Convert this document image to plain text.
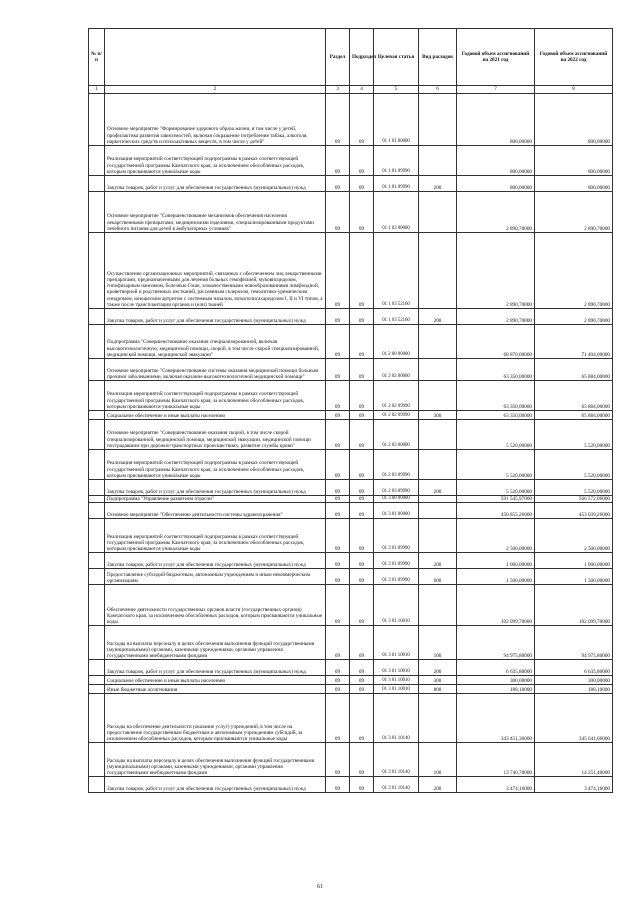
№ п/п		Раздел	Подраздел	Целевая статья	Вид расходов	Годовой объем ассигнований на 2021 год	Годовой объем ассигнований на 2022 год
1	2	3	4	5	6	7	8
	Основное мероприятие "Формирование здорового образа жизни, в том числе у детей, профилактика развития зависимостей, включая сокращение потребления табака, алкоголя, наркотических средств и психоактивных веществ, в том числе у детей"	09	09	01 1 01 00000		800,00000	800,00000
	Реализация мероприятий соответствующей подпрограммы в рамках соответствующей государственной программы Камчатского края, за исключением обособленных расходов, которым присваиваются уникальные коды	09	09	01 1 01 09990		800,00000	800,00000
	Закупка товаров, работ и услуг для обеспечения государственных (муниципальных) нужд	09	09	01 1 01 09990	200	800,00000	800,00000
	Основное мероприятие "Совершенствование механизмов обеспечения населения лекарственными препаратами, медицинскими изделиями, специализированными продуктами лечебного питания для детей в амбулаторных условиях"	09	09	01 1 03 00000		2 890,70000	2 890,70000
	Осуществление организационных мероприятий, связанных с обеспечением лиц лекарственными препаратами, предназначенными для лечения больных гемофилией, муковисцидозом, гипофизарным нанизмом, болезнью Гоше, злокачественными новообразованиями лимфоидной, кроветворной и родственных им тканей, рассеянным склерозом, гемолитико-уремическим синдромом, юношеским артритом с системным началом, мукополисахаридозом I, II и VI типов, а также после трансплантации органов и (или) тканей	09	09	01 1 03 52160		2 890,70000	2 890,70000
	Закупка товаров, работ и услуг для обеспечения государственных (муниципальных) нужд	09	09	01 1 03 52160	200	2 890,70000	2 890,70000
	Подпрограмма "Совершенствование оказания специализированной, включая высокотехнологичную, медицинской помощи, скорой, в том числе скорой специализированной, медицинской помощи, медицинской эвакуации"	09	09	01 2 00 00000		68 870,00000	71 404,00000
	Основное мероприятие "Совершенствование системы оказания медицинской помощи больным прочими заболеваниями, включая оказание высокотехнологичной медицинской помощи"	09	09	01 2 02 00000		63 350,00000	65 884,00000
	Реализация мероприятий соответствующей подпрограммы в рамках соответствующей государственной программы Камчатского края, за исключением обособленных расходов, которым присваиваются уникальные коды	09	09	01 2 02 09990		63 350,00000	65 884,00000
	Социальное обеспечение и иные выплаты населению	09	09	01 2 02 09990	300	63 350,00000	65 884,00000
	Основное мероприятие "Совершенствование оказания скорой, в том числе скорой специализированной, медицинской помощи, медицинской эвакуации, медицинской помощи пострадавшим при дорожно-транспортных происшествиях, развитие службы крови"	09	09	01 2 03 00000		5 520,00000	5 520,00000
	Реализация мероприятий соответствующей подпрограммы в рамках соответствующей государственной программы Камчатского края, за исключением обособленных расходов, которым присваиваются уникальные коды	09	09	01 2 03 09990		5 520,00000	5 520,00000
	Закупка товаров, работ и услуг для обеспечения государственных (муниципальных) нужд	09	09	01 2 03 09990	200	5 520,00000	5 520,00000
	Подпрограмма "Управление развитием отрасли"	09	09	01 3 00 00000		591 545,97000	566 572,06000
	Основное мероприятие "Обеспечение деятельности системы здравоохранения"	09	09	01 3 01 00000		450 855,26000	453 039,26000
	Реализация мероприятий соответствующей подпрограммы в рамках соответствующей государственной программы Камчатского края, за исключением обособленных расходов, которым присваиваются уникальные коды	09	09	01 3 01 09990		2 500,00000	2 500,00000
	Закупка товаров, работ и услуг для обеспечения государственных (муниципальных) нужд	09	09	01 3 01 09990	200	1 000,00000	1 000,00000
	Предоставление субсидий бюджетным, автономным учреждениям и иным некоммерческим организациям	09	09	01 3 01 09990	600	1 500,00000	1 500,00000
	Обеспечение деятельности государственных органов власти (государственных органов) Камчатского края, за исключением обособленных расходов, которым присваиваются уникальные коды	09	09	01 3 01 10010		102 099,70000	102 099,70000
	Расходы на выплаты персоналу в целях обеспечения выполнения функций государственными (муниципальными) органами, казенными учреждениями, органами управления государственными внебюджетными фондами	09	09	01 3 01 10010	100	94 975,80000	94 975,80000
	Закупка товаров, работ и услуг для обеспечения государственных (муниципальных) нужд	09	09	01 3 01 10010	200	6 635,80000	6 635,80000
	Социальное обеспечение и иные выплаты населению	09	09	01 3 01 10010	300	300,00000	300,00000
	Иные бюджетные ассигнования	09	09	01 3 01 10010	800	188,10000	188,10000
	Расходы на обеспечение деятельности (оказание услуг) учреждений, в том числе на предоставление государственным бюджетным и автономным учреждениям субсидий, за исключением обособленных расходов, которым присваиваются уникальные коды	09	09	01 3 01 10140		343 451,36000	345 641,66000
	Расходы на выплаты персоналу в целях обеспечения выполнения функций государственными (муниципальными) органами, казенными учреждениями, органами управления государственными внебюджетными фондами	09	09	01 3 01 10140	100	13 740,70000	14 251,40000
	Закупка товаров, работ и услуг для обеспечения государственных (муниципальных) нужд	09	09	01 3 01 10140	200	3 474,16000	3 474,16000
61
